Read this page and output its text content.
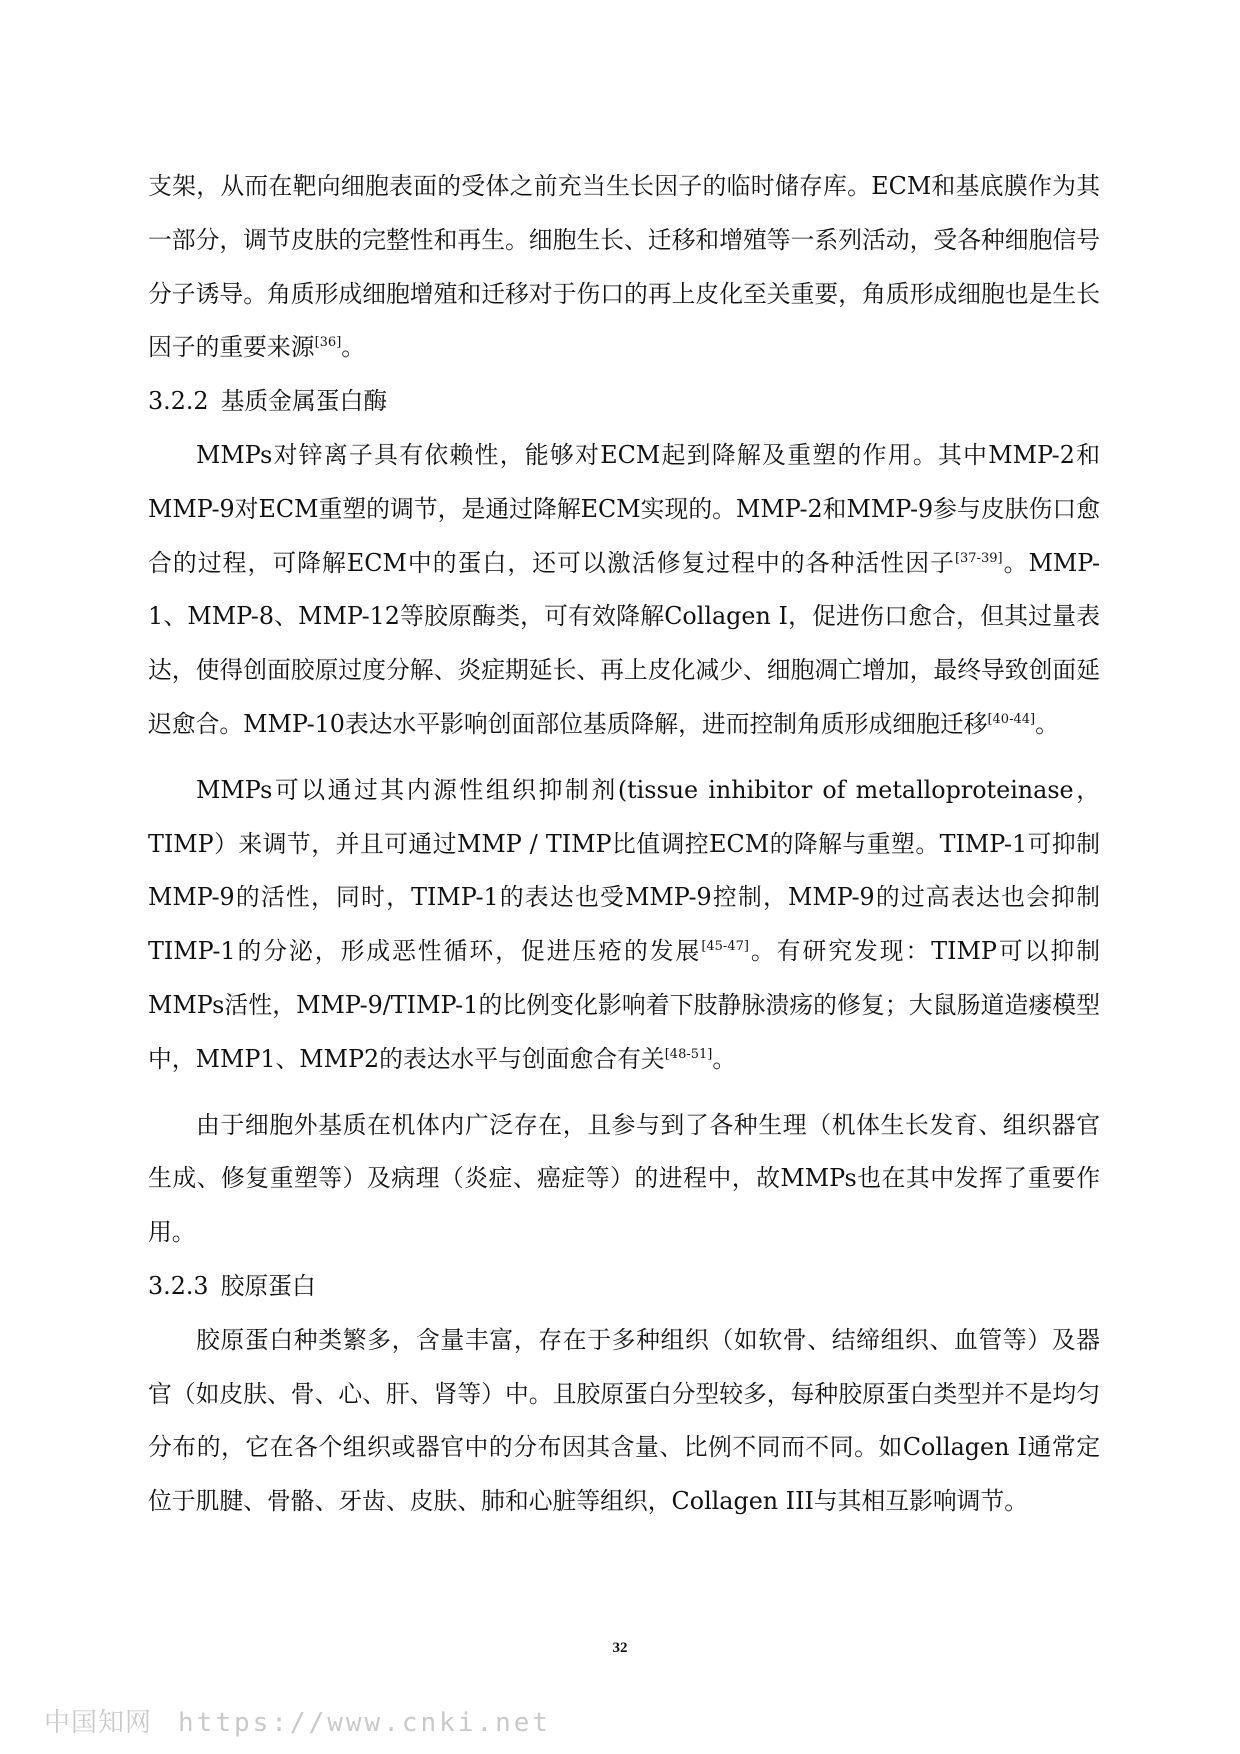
支架，从而在靶向细胞表面的受体之前充当生长因子的临时储存库。ECM和基底膜作为其一部分，调节皮肤的完整性和再生。细胞生长、迁移和增殖等一系列活动，受各种细胞信号分子诱导。角质形成细胞增殖和迁移对于伤口的再上皮化至关重要，角质形成细胞也是生长因子的重要来源[36]。

3.2.2 基质金属蛋白酶

MMPs对锌离子具有依赖性，能够对ECM起到降解及重塑的作用。其中MMP-2和MMP-9对ECM重塑的调节，是通过降解ECM实现的。MMP-2和MMP-9参与皮肤伤口愈合的过程，可降解ECM中的蛋白，还可以激活修复过程中的各种活性因子[37-39]。MMP-1、MMP-8、MMP-12等胶原酶类，可有效降解Collagen I，促进伤口愈合，但其过量表达，使得创面胶原过度分解、炎症期延长、再上皮化减少、细胞凋亡增加，最终导致创面延迟愈合。MMP-10表达水平影响创面部位基质降解，进而控制角质形成细胞迁移[40-44]。

MMPs可以通过其内源性组织抑制剂(tissue inhibitor of metalloproteinase，TIMP）来调节，并且可通过MMP / TIMP比值调控ECM的降解与重塑。TIMP-1可抑制MMP-9的活性，同时，TIMP-1的表达也受MMP-9控制，MMP-9的过高表达也会抑制TIMP-1的分泌，形成恶性循环，促进压疮的发展[45-47]。有研究发现：TIMP可以抑制MMPs活性，MMP-9/TIMP-1的比例变化影响着下肢静脉溃疡的修复；大鼠肠道造瘘模型中，MMP1、MMP2的表达水平与创面愈合有关[48-51]。

由于细胞外基质在机体内广泛存在，且参与到了各种生理（机体生长发育、组织器官生成、修复重塑等）及病理（炎症、癌症等）的进程中，故MMPs也在其中发挥了重要作用。

3.2.3 胶原蛋白

胶原蛋白种类繁多，含量丰富，存在于多种组织（如软骨、结缔组织、血管等）及器官（如皮肤、骨、心、肝、肾等）中。且胶原蛋白分型较多，每种胶原蛋白类型并不是均匀分布的，它在各个组织或器官中的分布因其含量、比例不同而不同。如Collagen I通常定位于肌腱、骨骼、牙齿、皮肤、肺和心脏等组织，Collagen III与其相互影响调节。

32
中国知网 https://www.cnki.net
